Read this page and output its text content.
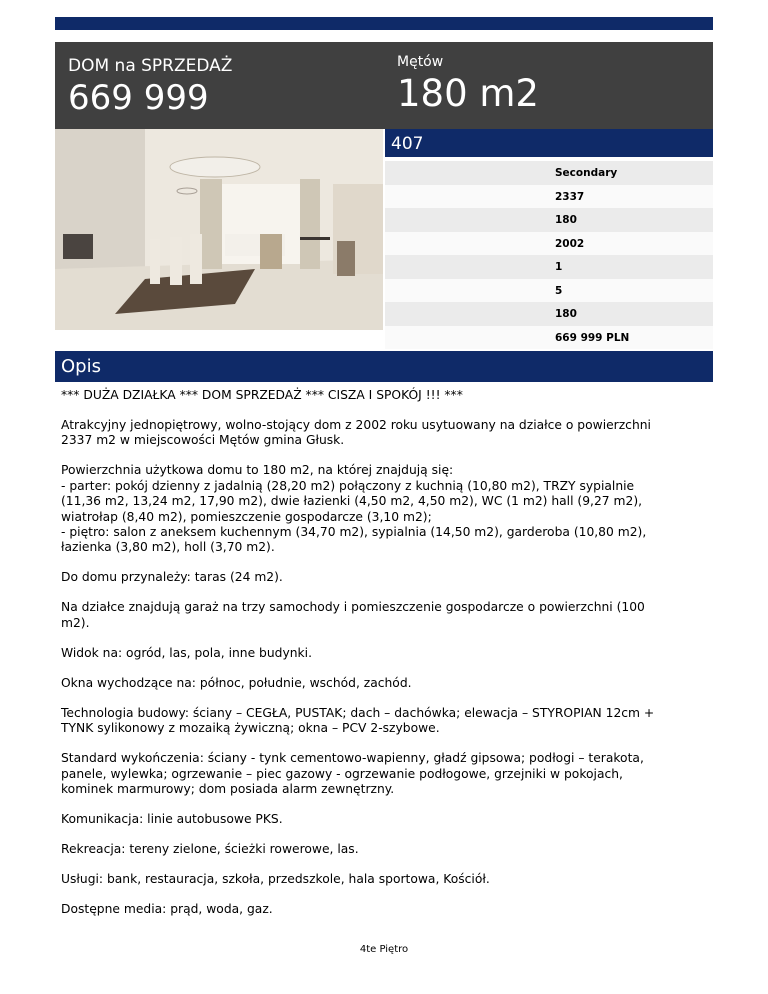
DOM na SPRZEDAŻ
669 999
Mętów
180 m2
407
Secondary
2337
180
2002
1
5
180
669 999 PLN
Opis

*** DUŻA DZIAŁKA *** DOM SPRZEDAŻ *** CISZA I SPOKÓJ !!! ***

Atrakcyjny jednopiętrowy, wolno-stojący dom z 2002 roku usytuowany na działce o powierzchni
2337 m2 w miejscowości Mętów gmina Głusk.

Powierzchnia użytkowa domu to 180 m2, na której znajdują się:
- parter: pokój dzienny z jadalnią (28,20 m2) połączony z kuchnią (10,80 m2), TRZY sypialnie
(11,36 m2, 13,24 m2, 17,90 m2), dwie łazienki (4,50 m2, 4,50 m2), WC (1 m2) hall (9,27 m2),
wiatrołap (8,40 m2), pomieszczenie gospodarcze (3,10 m2);
- piętro: salon z aneksem kuchennym (34,70 m2), sypialnia (14,50 m2), garderoba (10,80 m2),
łazienka (3,80 m2), holl (3,70 m2).

Do domu przynależy: taras (24 m2).

Na działce znajdują garaż na trzy samochody i pomieszczenie gospodarcze o powierzchni (100
m2).

Widok na: ogród, las, pola, inne budynki.

Okna wychodzące na: północ, południe, wschód, zachód.

Technologia budowy: ściany – CEGŁA, PUSTAK; dach – dachówka; elewacja – STYROPIAN 12cm +
TYNK sylikonowy z mozaiką żywiczną; okna – PCV 2-szybowe.

Standard wykończenia: ściany - tynk cementowo-wapienny, gładź gipsowa; podłogi – terakota,
panele, wylewka; ogrzewanie – piec gazowy - ogrzewanie podłogowe, grzejniki w pokojach,
kominek marmurowy; dom posiada alarm zewnętrzny.

Komunikacja: linie autobusowe PKS.

Rekreacja: tereny zielone, ścieżki rowerowe, las.

Usługi: bank, restauracja, szkoła, przedszkole, hala sportowa, Kościół.

Dostępne media: prąd, woda, gaz.

4te Piętro
